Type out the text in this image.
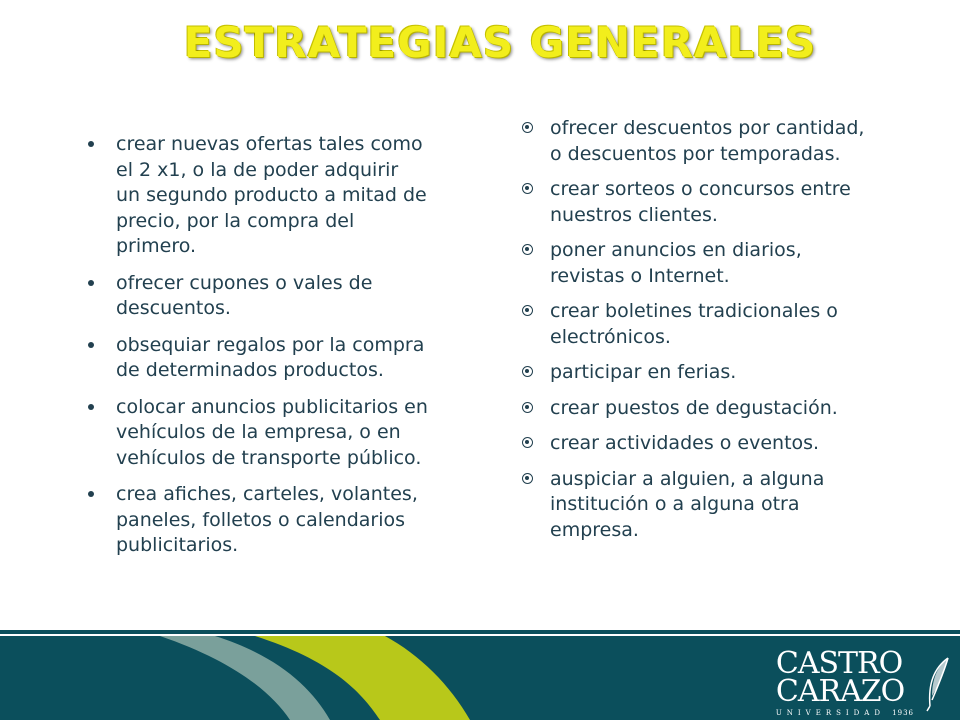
ESTRATEGIAS GENERALES
crear nuevas ofertas tales como el 2 x1, o la de poder adquirir un segundo producto a mitad de precio, por la compra del primero.
ofrecer cupones o vales de descuentos.
obsequiar regalos por la compra de determinados productos.
colocar anuncios publicitarios en vehículos de la empresa, o en vehículos de transporte público.
crea afiches, carteles, volantes, paneles, folletos o calendarios publicitarios.
ofrecer descuentos por cantidad, o descuentos por temporadas.
crear sorteos o concursos entre nuestros clientes.
poner anuncios en diarios, revistas o Internet.
crear boletines tradicionales o electrónicos.
participar en ferias.
crear puestos de degustación.
crear actividades o eventos.
auspiciar a alguien, a alguna institución o a alguna otra empresa.
CASTRO
CARAZO
UNIVERSIDAD 1936
